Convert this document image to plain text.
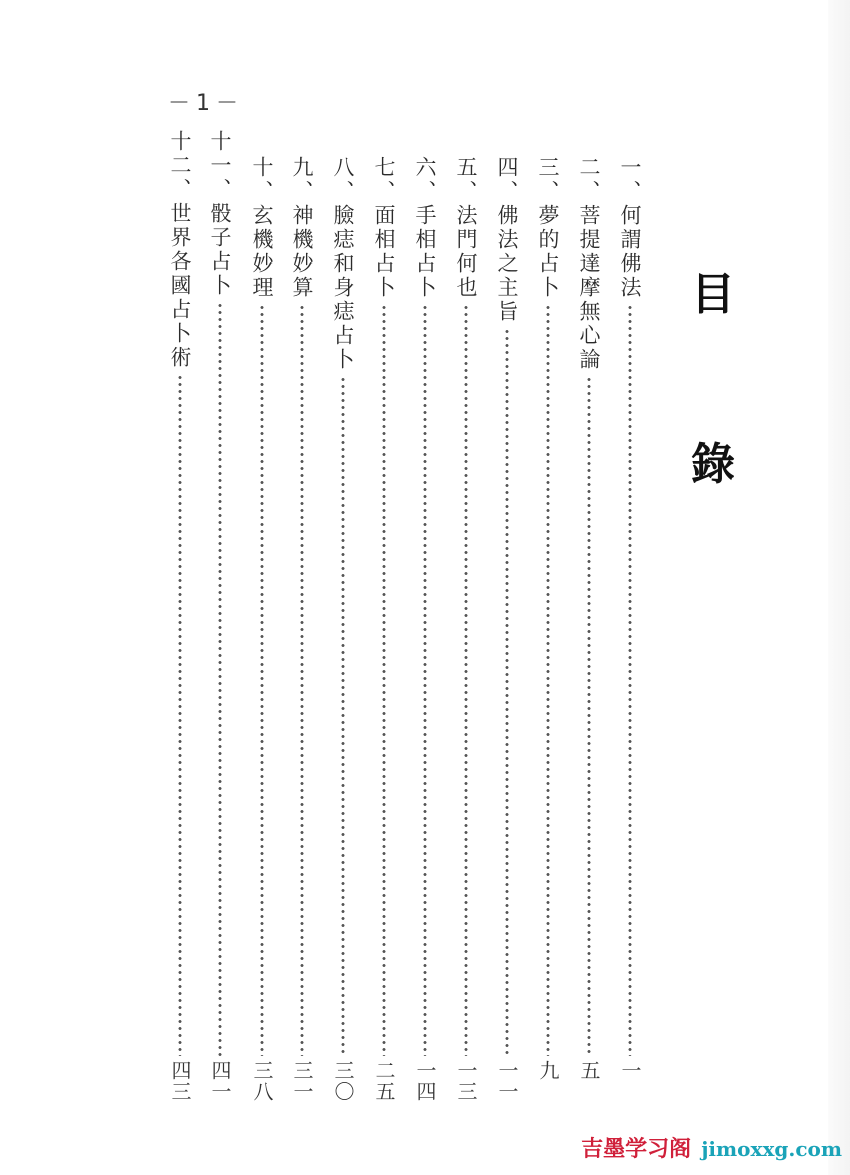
－1－
目
錄
一、何謂佛法
一
二、菩提達摩無心論
五
三、夢的占卜
九
四、佛法之主旨
一一
五、法門何也
一三
六、手相占卜
一四
七、面相占卜
二五
八、臉痣和身痣占卜
三〇
九、神機妙算
三一
十、玄機妙理
三八
十一、骰子占卜
四一
十二、世界各國占卜術
四三
吉墨学习阁 jimoxxg.com
